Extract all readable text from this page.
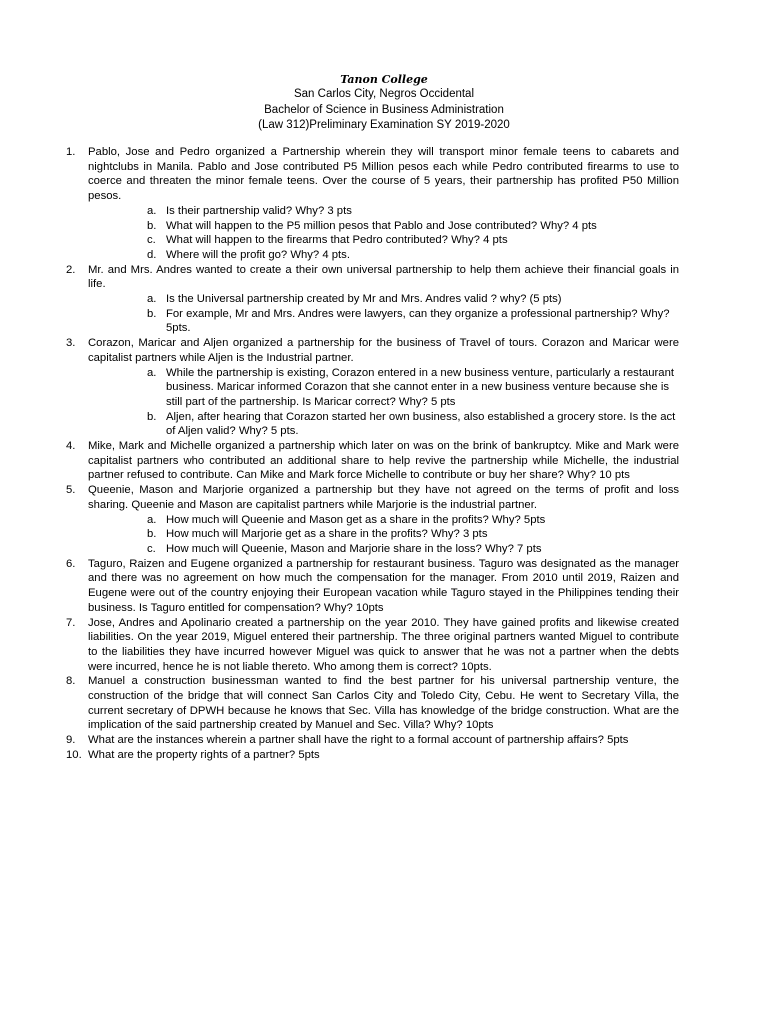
Tanon College
San Carlos City, Negros Occidental
Bachelor of Science in Business Administration
(Law 312)Preliminary Examination SY 2019-2020
1.	Pablo, Jose and Pedro organized a Partnership wherein they will transport minor female teens to cabarets and nightclubs in Manila. Pablo and Jose contributed P5 Million pesos each while Pedro contributed firearms to use to coerce and threaten the minor female teens. Over the course of 5 years, their partnership has profited P50 Million pesos.
a. Is their partnership valid? Why? 3 pts
b. What will happen to the P5 million pesos that Pablo and Jose contributed? Why? 4 pts
c. What will happen to the firearms that Pedro contributed? Why? 4 pts
d. Where will the profit go? Why? 4 pts.
2.	Mr. and Mrs. Andres wanted to create a their own universal partnership to help them achieve their financial goals in life.
a. Is the Universal partnership created by Mr and Mrs. Andres valid ? why? (5 pts)
b. For example, Mr and Mrs. Andres were lawyers, can they organize a professional partnership? Why? 5pts.
3.	Corazon, Maricar and Aljen organized a partnership for the business of Travel of tours. Corazon and Maricar were capitalist partners while Aljen is the Industrial partner.
a. While the partnership is existing, Corazon entered in a new business venture, particularly a restaurant business. Maricar informed Corazon that she cannot enter in a new business venture because she is still part of the partnership. Is Maricar correct? Why? 5 pts
b. Aljen, after hearing that Corazon started her own business, also established a grocery store. Is the act of Aljen valid? Why? 5 pts.
4.	Mike, Mark and Michelle organized a partnership which later on was on the brink of bankruptcy. Mike and Mark were capitalist partners who contributed an additional share to help revive the partnership while Michelle, the industrial partner refused to contribute. Can Mike and Mark force Michelle to contribute or buy her share? Why? 10 pts
5.	Queenie, Mason and Marjorie organized a partnership but they have not agreed on the terms of profit and loss sharing. Queenie and Mason are capitalist partners while Marjorie is the industrial partner.
a. How much will Queenie and Mason get as a share in the profits? Why? 5pts
b. How much will Marjorie get as a share in the profits? Why? 3 pts
c. How much will Queenie, Mason and Marjorie share in the loss? Why? 7 pts
6.	Taguro, Raizen and Eugene organized a partnership for restaurant business. Taguro was designated as the manager and there was no agreement on how much the compensation for the manager. From 2010 until 2019, Raizen and Eugene were out of the country enjoying their European vacation while Taguro stayed in the Philippines tending their business. Is Taguro entitled for compensation? Why? 10pts
7.	Jose, Andres and Apolinario created a partnership on the year 2010. They have gained profits and likewise created liabilities. On the year 2019, Miguel entered their partnership. The three original partners wanted Miguel to contribute to the liabilities they have incurred however Miguel was quick to answer that he was not a partner when the debts were incurred, hence he is not liable thereto. Who among them is correct? 10pts.
8.	Manuel a construction businessman wanted to find the best partner for his universal partnership venture, the construction of the bridge that will connect San Carlos City and Toledo City, Cebu. He went to Secretary Villa, the current secretary of DPWH because he knows that Sec. Villa has knowledge of the bridge construction. What are the implication of the said partnership created by Manuel and Sec. Villa? Why? 10pts
9.	What are the instances wherein a partner shall have the right to a formal account of partnership affairs? 5pts
10. What are the property rights of a partner? 5pts
